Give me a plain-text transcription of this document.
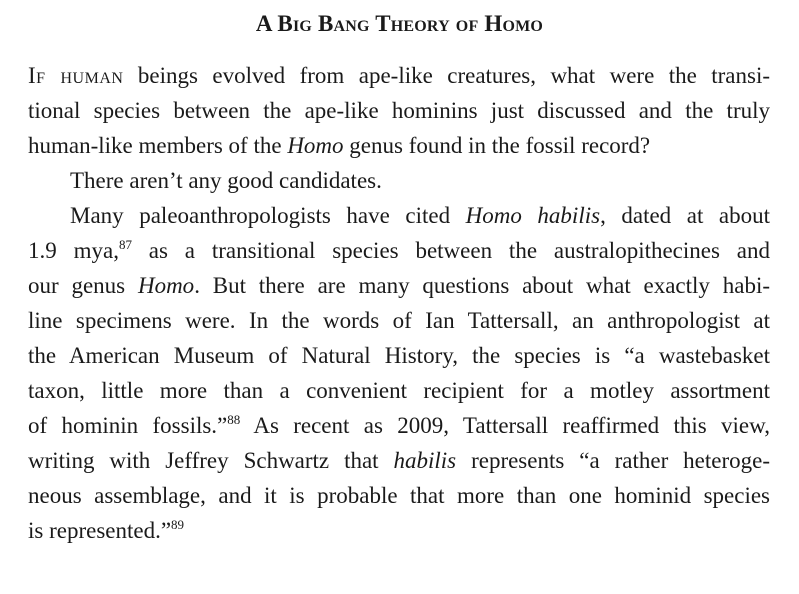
A Big Bang Theory of Homo
If human beings evolved from ape-like creatures, what were the transi-
tional species between the ape-like hominins just discussed and the truly
human-like members of the Homo genus found in the fossil record?
There aren’t any good candidates.
Many paleoanthropologists have cited Homo habilis, dated at about
1.9 mya,$^{87}$ as a transitional species between the australopithecines and
our genus Homo. But there are many questions about what exactly habi-
line specimens were. In the words of Ian Tattersall, an anthropologist at
the American Museum of Natural History, the species is “a wastebasket
taxon, little more than a convenient recipient for a motley assortment
of hominin fossils.”$^{88}$ As recent as 2009, Tattersall reaffirmed this view,
writing with Jeffrey Schwartz that habilis represents “a rather heteroge-
neous assemblage, and it is probable that more than one hominid species
is represented.”$^{89}$
